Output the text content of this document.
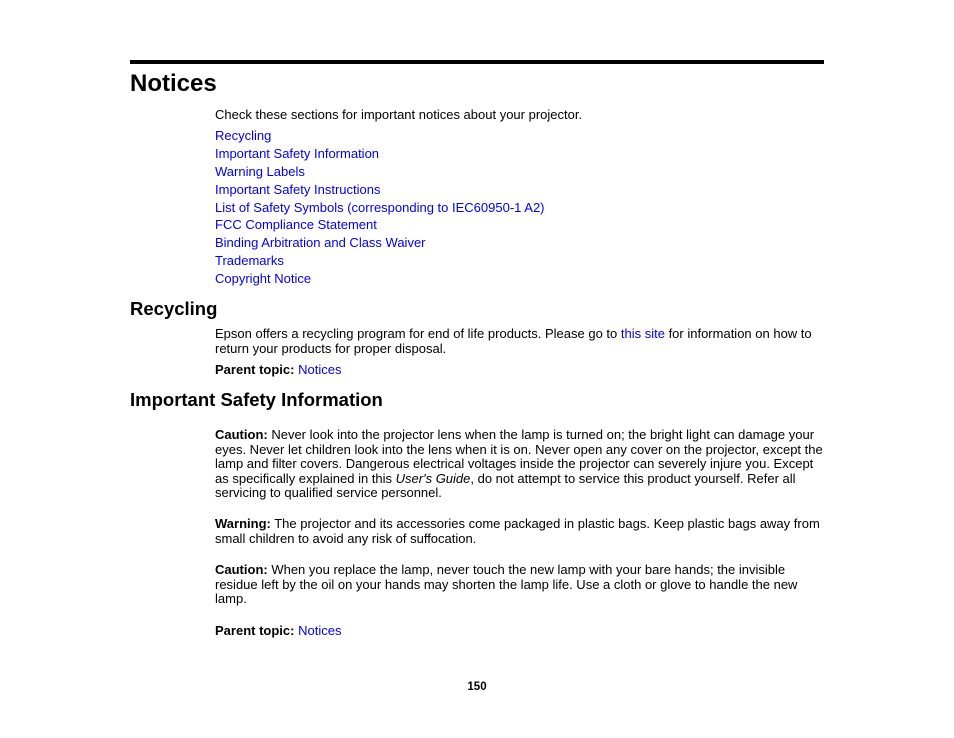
Notices
Check these sections for important notices about your projector.
Recycling
Important Safety Information
Warning Labels
Important Safety Instructions
List of Safety Symbols (corresponding to IEC60950-1 A2)
FCC Compliance Statement
Binding Arbitration and Class Waiver
Trademarks
Copyright Notice
Recycling
Epson offers a recycling program for end of life products. Please go to this site for information on how to return your products for proper disposal.
Parent topic: Notices
Important Safety Information
Caution: Never look into the projector lens when the lamp is turned on; the bright light can damage your eyes. Never let children look into the lens when it is on. Never open any cover on the projector, except the lamp and filter covers. Dangerous electrical voltages inside the projector can severely injure you. Except as specifically explained in this User's Guide, do not attempt to service this product yourself. Refer all servicing to qualified service personnel.
Warning: The projector and its accessories come packaged in plastic bags. Keep plastic bags away from small children to avoid any risk of suffocation.
Caution: When you replace the lamp, never touch the new lamp with your bare hands; the invisible residue left by the oil on your hands may shorten the lamp life. Use a cloth or glove to handle the new lamp.
Parent topic: Notices
150
